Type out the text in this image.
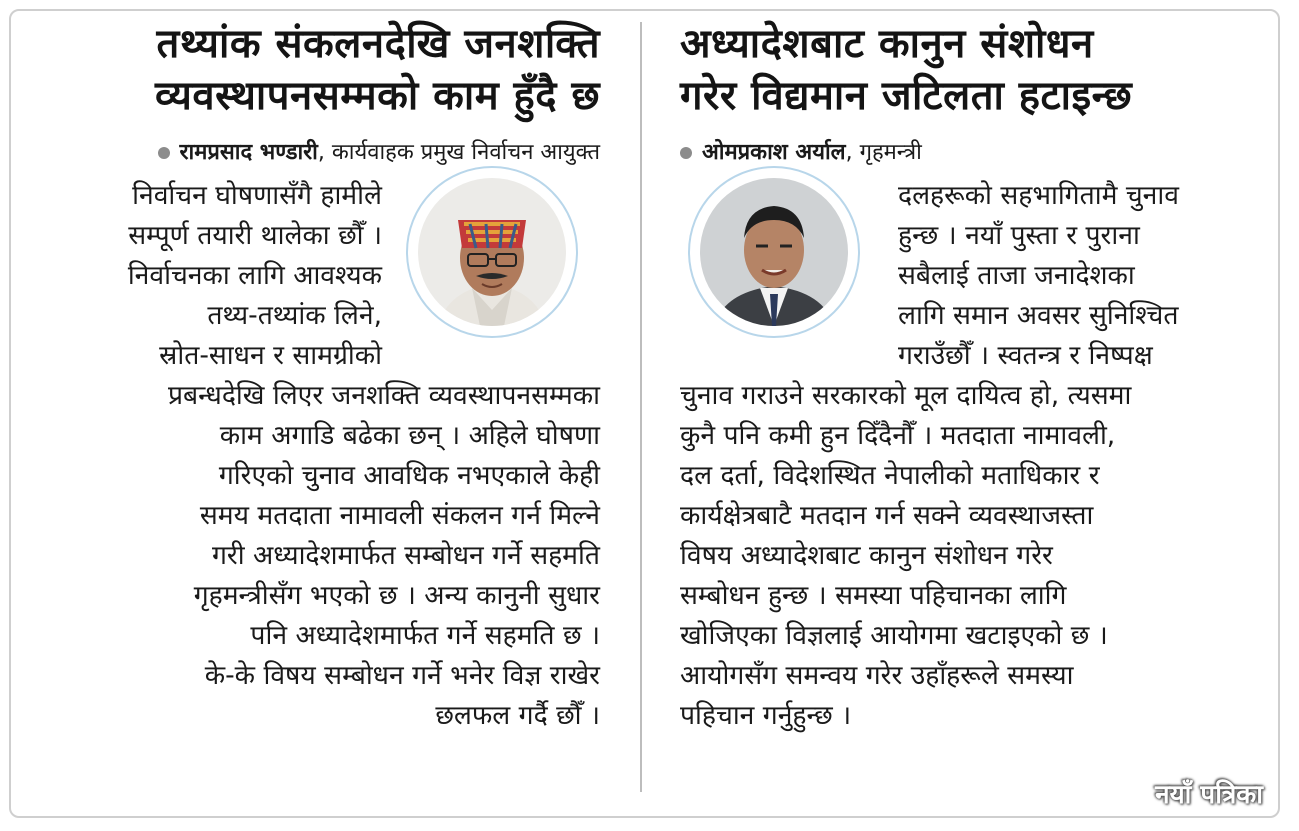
तथ्यांक संकलनदेखि जनशक्ति
व्यवस्थापनसम्मको काम हुँदै छ
रामप्रसाद भण्डारी ,
कार्यवाहक प्रमुख निर्वाचन आयुक्त
निर्वाचन घोषणासँगै हामीले
सम्पूर्ण तयारी थालेका छौँ ।
निर्वाचनका लागि आवश्यक
तथ्य-तथ्यांक लिने,
स्रोत-साधन र सामग्रीको
प्रबन्धदेखि लिएर जनशक्ति व्यवस्थापनसम्मका
काम अगाडि बढेका छन् । अहिले घोषणा
गरिएको चुनाव आवधिक नभएकाले केही
समय मतदाता नामावली संकलन गर्न मिल्ने
गरी अध्यादेशमार्फत सम्बोधन गर्ने सहमति
गृहमन्त्रीसँग भएको छ । अन्य कानुनी सुधार
पनि अध्यादेशमार्फत गर्ने सहमति छ ।
के-के विषय सम्बोधन गर्ने भनेर विज्ञ राखेर
छलफल गर्दै छौँ ।
अध्यादेशबाट कानुन संशोधन
गरेर विद्यमान जटिलता हटाइन्छ
ओमप्रकाश अर्याल ,
गृहमन्त्री
दलहरूको सहभागितामै चुनाव
हुन्छ । नयाँ पुस्ता र पुराना
सबैलाई ताजा जनादेशका
लागि समान अवसर सुनिश्चित
गराउँछौँ । स्वतन्त्र र निष्पक्ष
चुनाव गराउने सरकारको मूल दायित्व हो, त्यसमा
कुनै पनि कमी हुन दिँदैनौँ । मतदाता नामावली,
दल दर्ता, विदेशस्थित नेपालीको मताधिकार र
कार्यक्षेत्रबाटै मतदान गर्न सक्ने व्यवस्थाजस्ता
विषय अध्यादेशबाट कानुन संशोधन गरेर
सम्बोधन हुन्छ । समस्या पहिचानका लागि
खोजिएका विज्ञलाई आयोगमा खटाइएको छ ।
आयोगसँग समन्वय गरेर उहाँहरूले समस्या
पहिचान गर्नुहुन्छ ।
नयाँ पत्रिका
